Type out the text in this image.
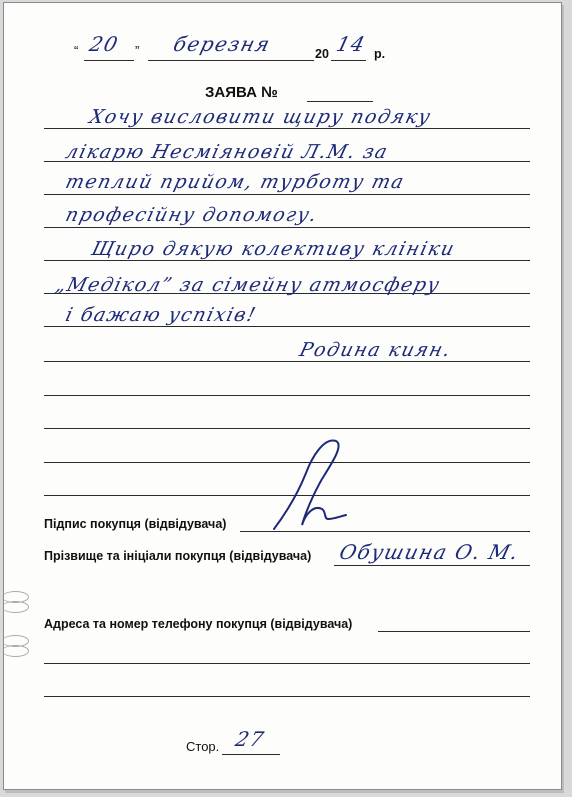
“ 20 ” березня	20 14 р.
ЗАЯВА №
Хочу висловити щиру подяку
лікарю Несміяновій Л.М. за
теплий прийом, турботу та
професійну допомогу.
Щиро дякую колективу клініки
„Медікол” за сімейну атмосферу
і бажаю успіхів!
Родина киян.
Підпис покупця (відвідувача)
Прізвище та ініціали покупця (відвідувача) Обушина О. М.
Адреса та номер телефону покупця (відвідувача)
Стор. 27
